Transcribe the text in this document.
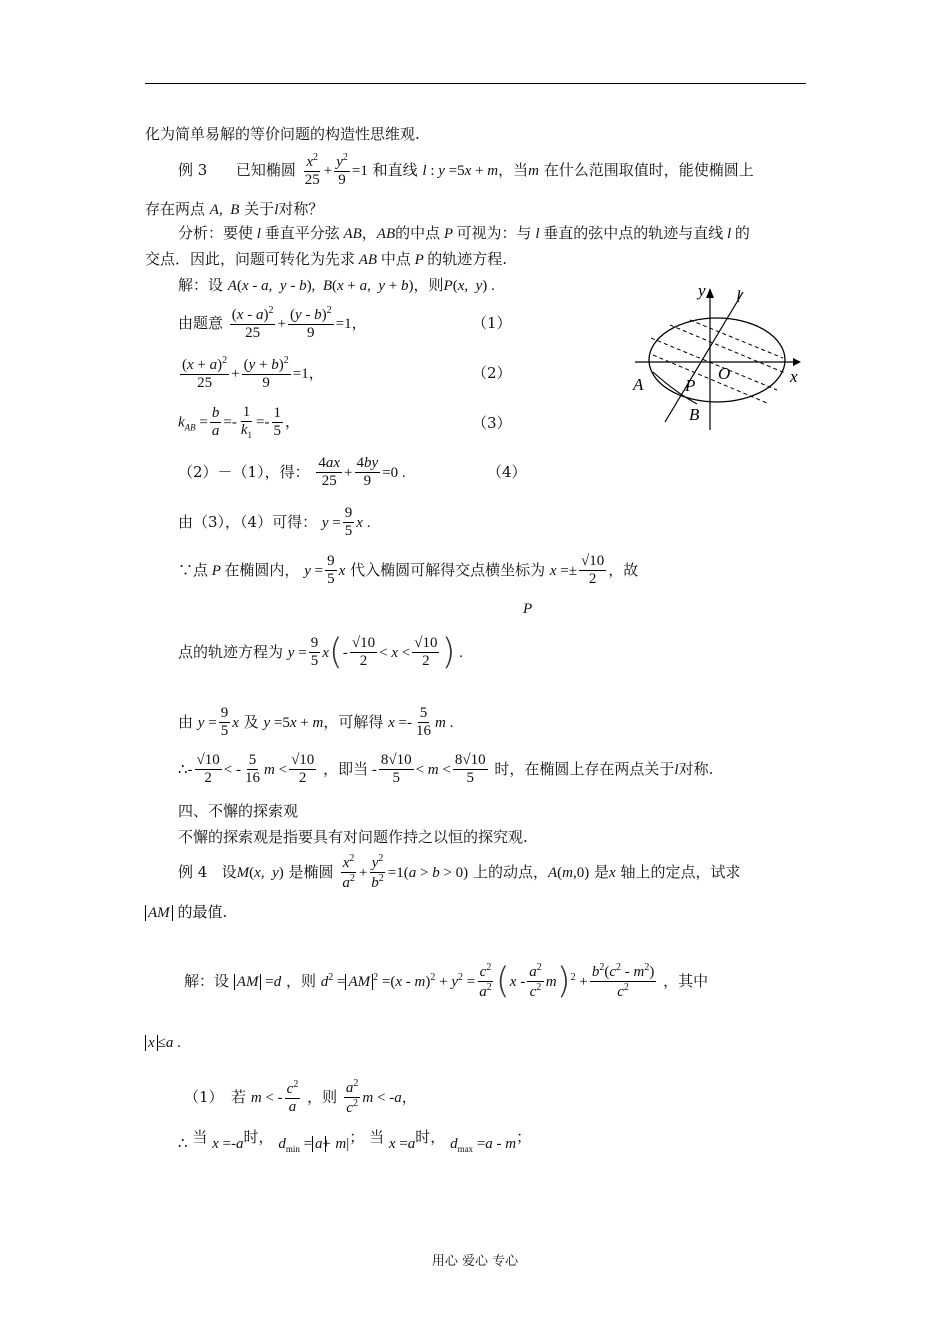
化为简单易解的等价问题的构造性思维观.
例 3 已知椭圆 $\frac{x^2}{25} + \frac{y^2}{9} =1$ 和直线 l : y =5x + m，当m 在什么范围取值时，能使椭圆上
存在两点 A,  B 关于l对称？
分析：要使 l 垂直平分弦 AB，AB的中点 P 可视为：与 l 垂直的弦中点的轨迹与直线 l 的
交点．因此，问题可转化为先求 AB 中点 P 的轨迹方程.
解：设 A(x - a,  y - b),  B(x + a,  y + b)，则P(x,  y) .
由题意 $\frac{(x - a)^2}{25} + \frac{(y - b)^2}{9} =1$，	（1）
$\frac{(x + a)^2}{25} + \frac{(y + b)^2}{9} =1$，	（2）
$k_{AB} = \frac{b}{a} =- \frac{1}{k_1} =- \frac{1}{5}$ ，	（3）
（2）－（1），得： $\frac{4ax}{25} + \frac{4by}{9} =0$ .	（4）
由（3），（4）可得： $y = \frac{9}{5}$ x .
∵点 P 在椭圆内， $y = \frac{9}{5}$ x 代入椭圆可解得交点横坐标为 $x =\pm \frac{√10}{2}$ ，故
P
点的轨迹方程为 $y = \frac{9}{5} x(- \frac{√10}{2} < x < \frac{√10}{2}$ ) .
由 $y = \frac{9}{5}$ x 及 y =5x + m，可解得 $x =- \frac{5}{16}$ m .
∴- $\frac{√10}{2}$ < - $\frac{5}{16}$ $m < \frac{√10}{2}$ ，即当 - $\frac{8√10}{5} < m < \frac{8√10}{5}$ 时，在椭圆上存在两点关于l对称.
四、不懈的探索观
不懈的探索观是指要具有对问题作持之以恒的探究观.
例 4 设M(x,  y) 是椭圆 $\frac{x^2}{a^2} + \frac{y^2}{b^2} =1(a > b > 0)$ 上的动点，A(m,0) 是x 轴上的定点，试求
AM 的最值.
解：设 AM =d ，则 $d^2$ = AM $^2 =(x - m)^2 + y^2 = \frac{c^2}{a^2} (x - \frac{a^2}{c^2} m)^2 + \frac{b^2(c^2 - m^2)}{c^2}$ ，其中
x ≤a .
（1）　若 m < - $\frac{c^2}{a}$ ，则 $\frac{a^2}{c^2}$ m < -a，
∴ 当 x =-a时， $d_{min} = a+ m|$； 当 x =a时， $d_{max} =a - m$；
y l
x
O
A P
B
用心 爱心 专心
